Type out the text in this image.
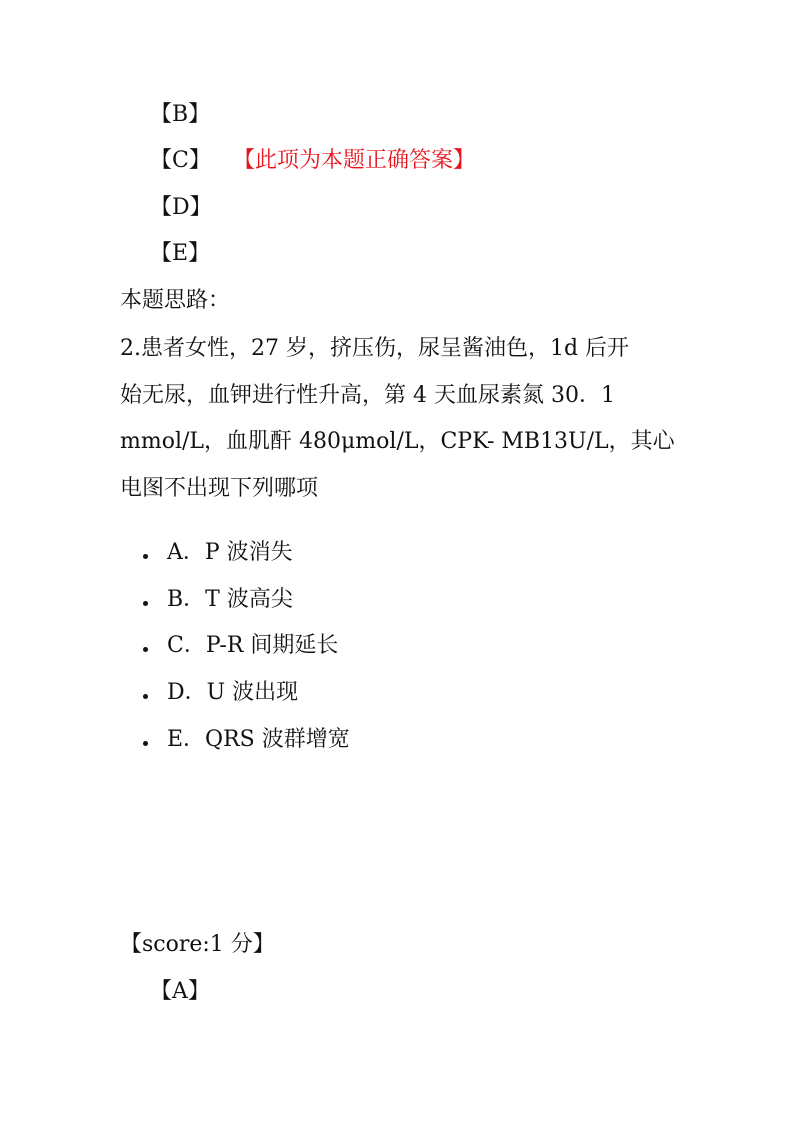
【B】
【C】 【此项为本题正确答案】
【D】
【E】
本题思路：
2.患者女性，27 岁，挤压伤，尿呈酱油色，1d 后开
始无尿，血钾进行性升高，第 4 天血尿素氮 30．1
mmol/L，血肌酐 480μmol/L，CPK- MB13U/L，其心
电图不出现下列哪项
A．P 波消失
B．T 波高尖
C．P-R 间期延长
D．U 波出现
E．QRS 波群增宽
【score:1 分】
【A】
